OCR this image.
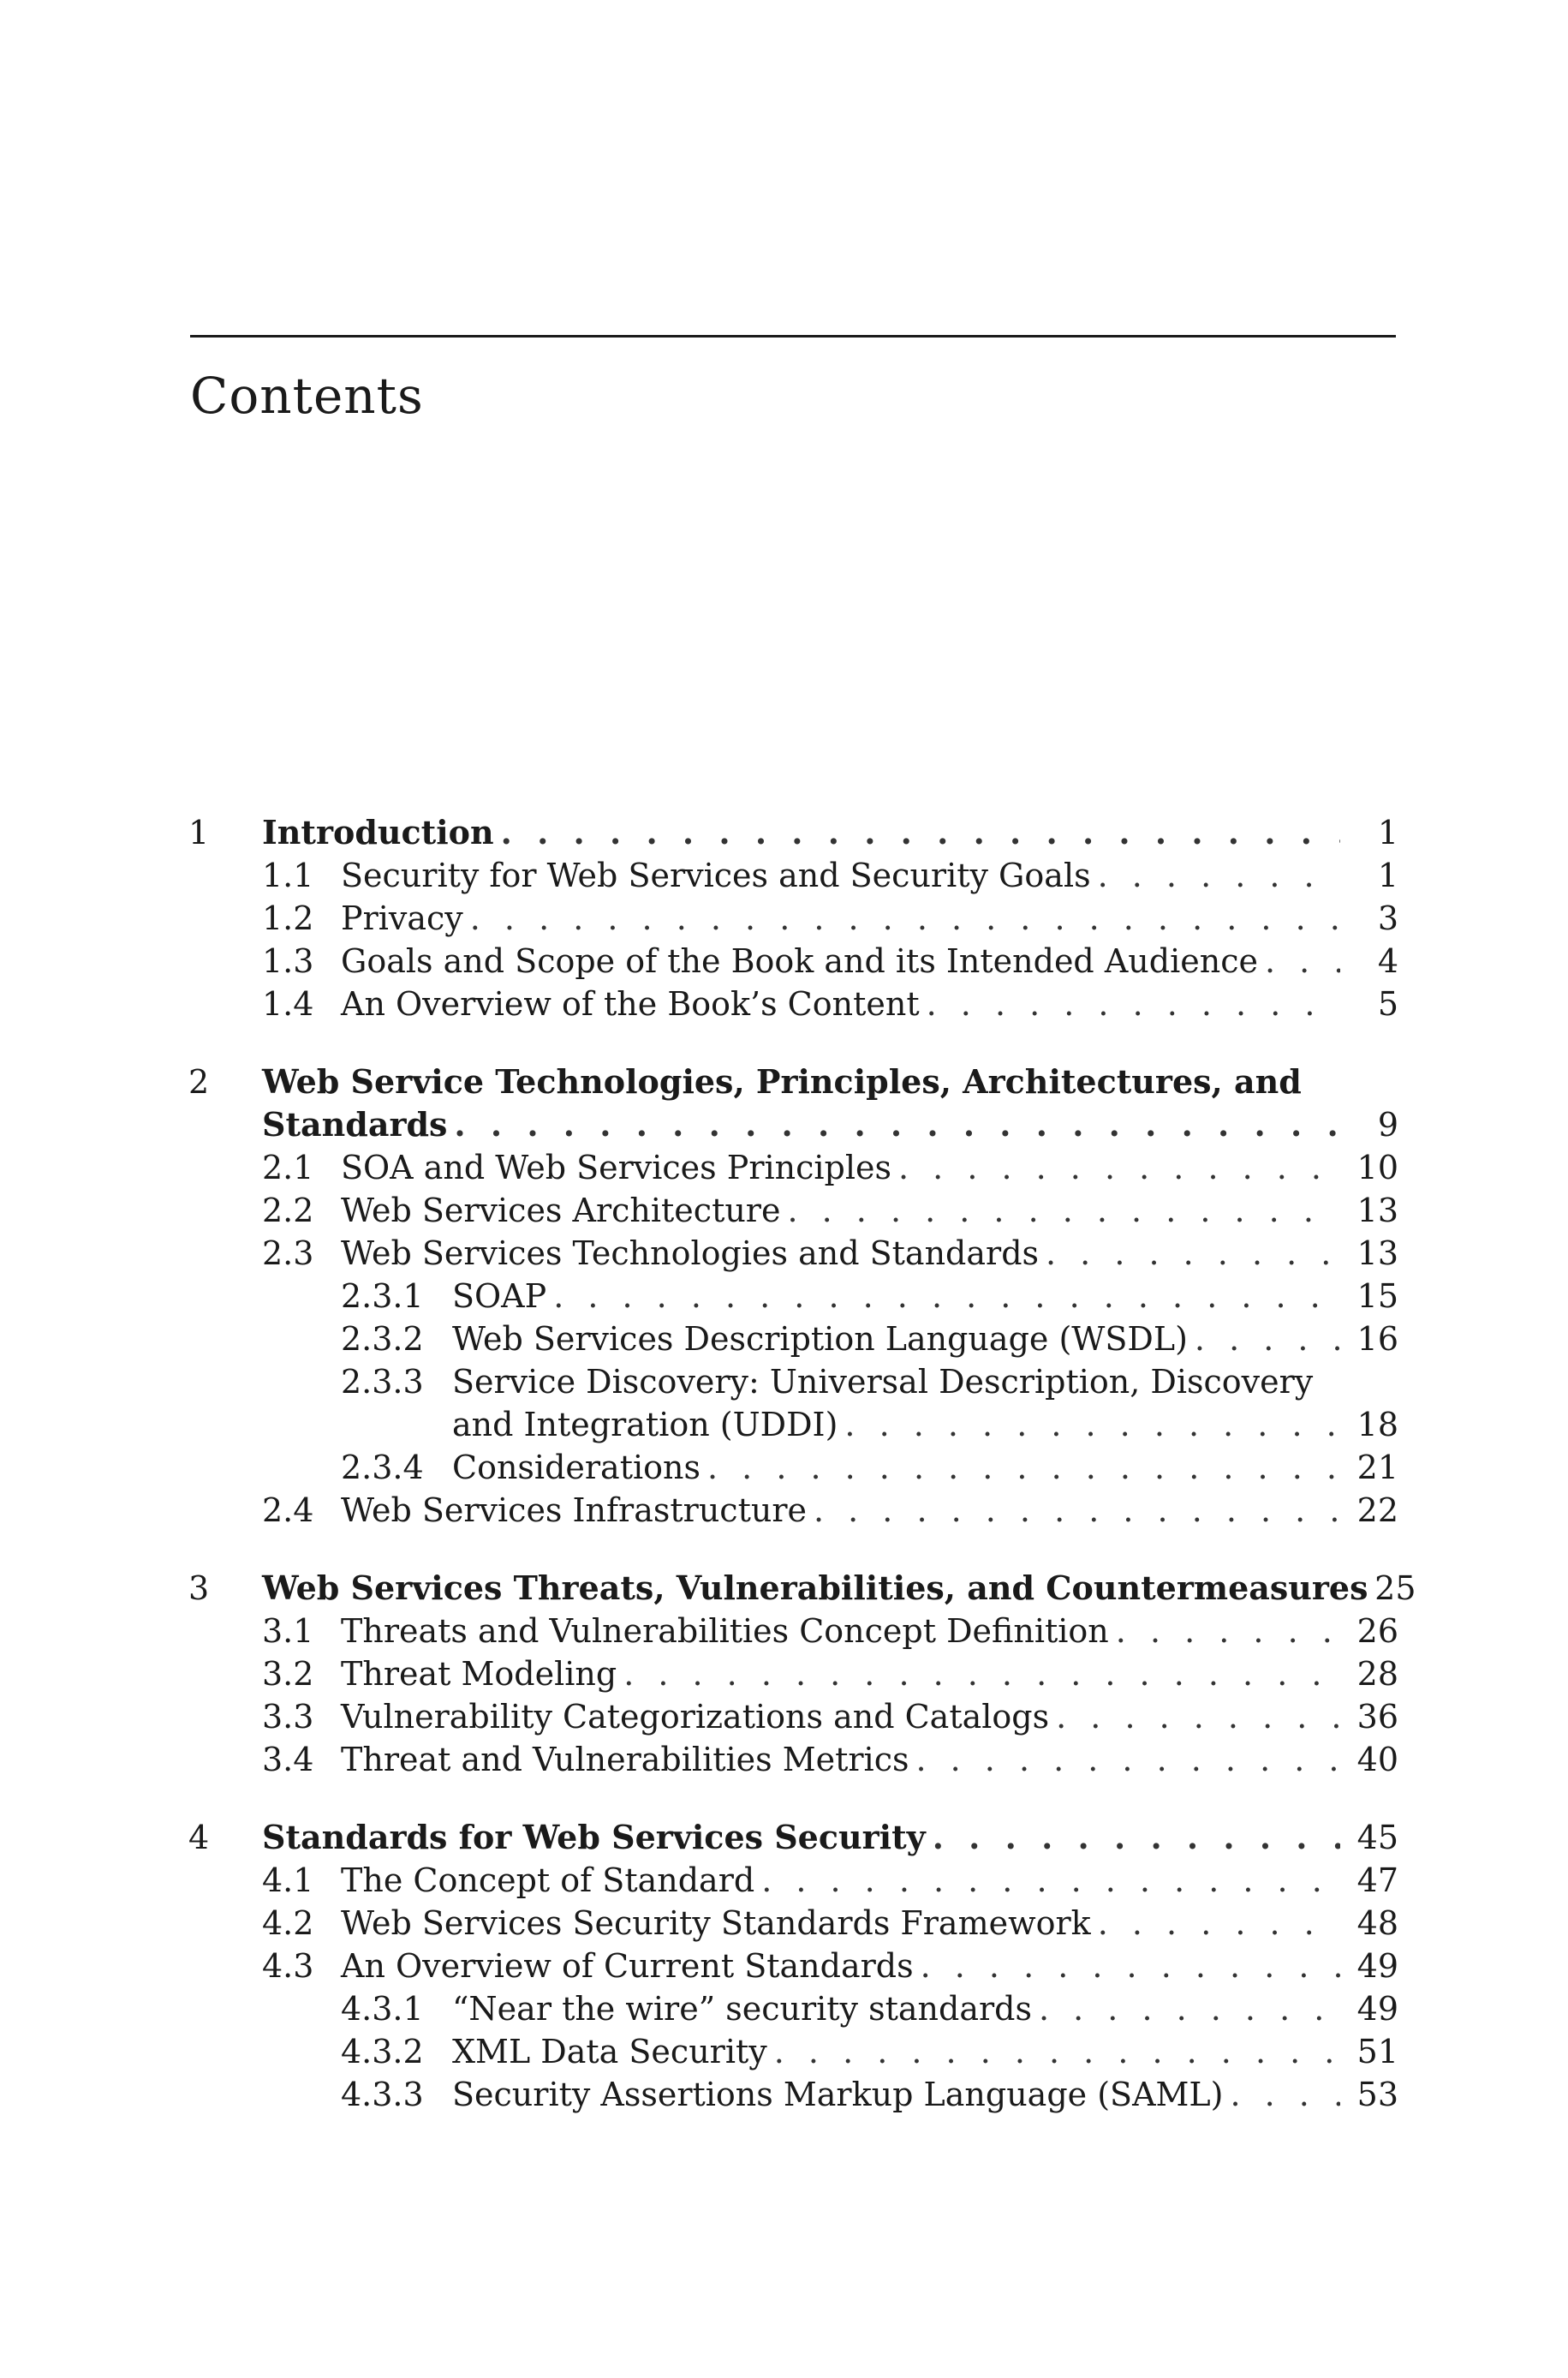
Contents
1 Introduction . . .	1
1.1 Security for Web Services and Security Goals . . .	1
1.2 Privacy . . .	3
1.3 Goals and Scope of the Book and its Intended Audience . . .	4
1.4 An Overview of the Book’s Content . . .	5
2 Web Service Technologies, Principles, Architectures, and
Standards . . .	9
2.1 SOA and Web Services Principles . . .	10
2.2 Web Services Architecture . . .	13
2.3 Web Services Technologies and Standards . . .	13
2.3.1 SOAP . . .	15
2.3.2 Web Services Description Language (WSDL) . . .	16
2.3.3 Service Discovery: Universal Description, Discovery
and Integration (UDDI) . . .	18
2.3.4 Considerations . . .	21
2.4 Web Services Infrastructure . . .	22
3 Web Services Threats, Vulnerabilities, and Countermeasures 25
3.1 Threats and Vulnerabilities Concept Definition . . .	26
3.2 Threat Modeling . . .	28
3.3 Vulnerability Categorizations and Catalogs . . .	36
3.4 Threat and Vulnerabilities Metrics . . .	40
4 Standards for Web Services Security . . .	45
4.1 The Concept of Standard . . .	47
4.2 Web Services Security Standards Framework . . .	48
4.3 An Overview of Current Standards . . .	49
4.3.1 “Near the wire” security standards . . .	49
4.3.2 XML Data Security . . .	51
4.3.3 Security Assertions Markup Language (SAML) . . .	53
